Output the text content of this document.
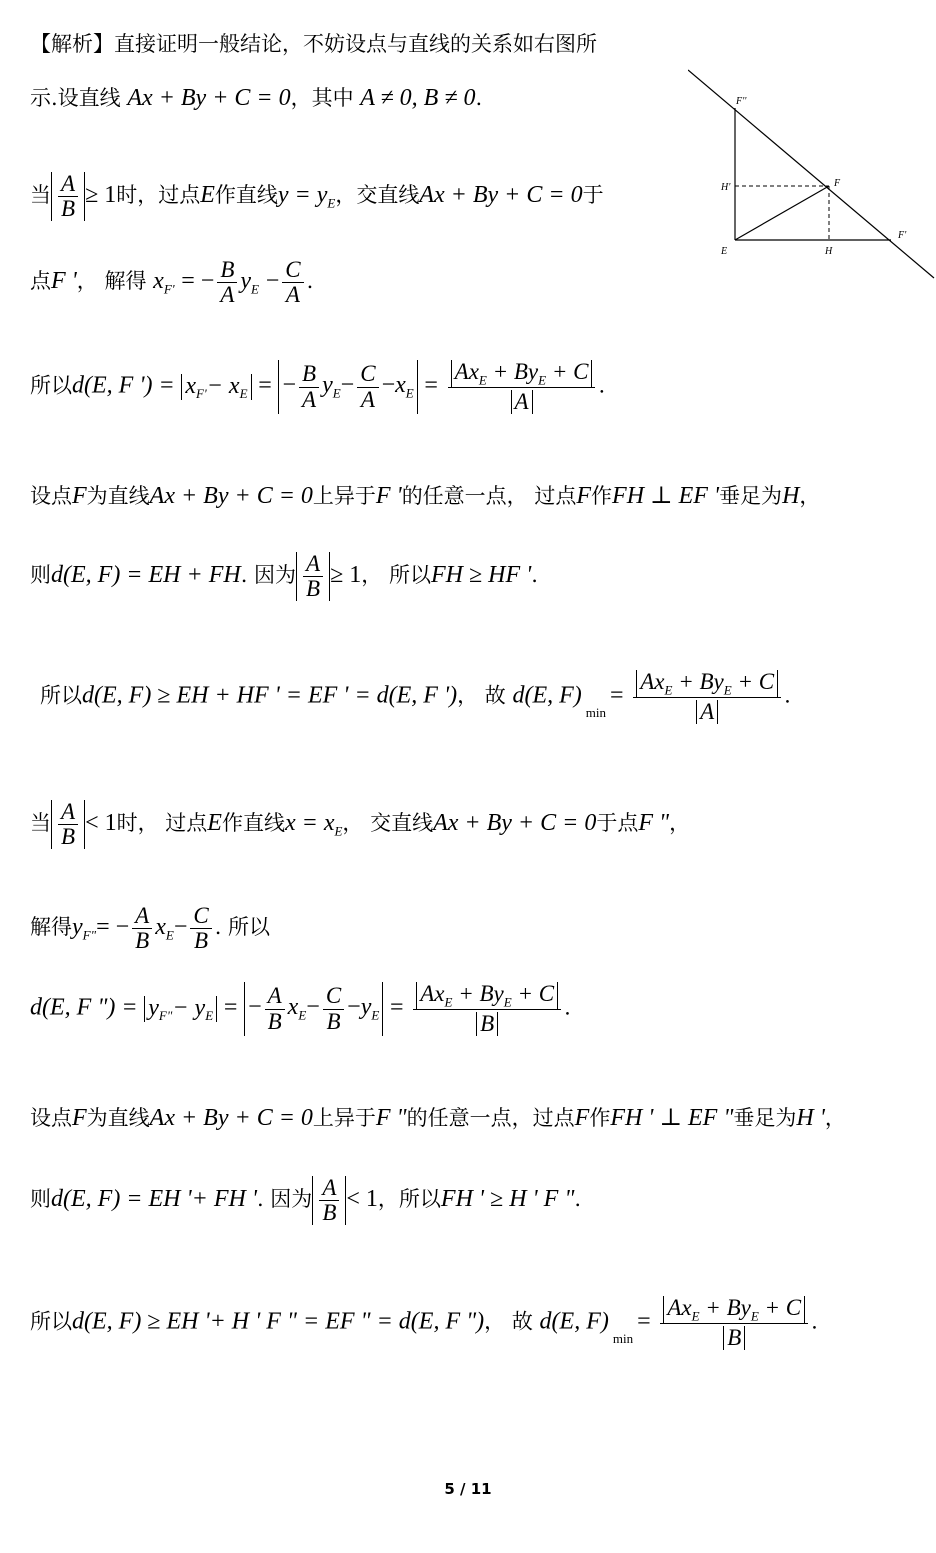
【解析】直接证明一般结论，不妨设点与直线的关系如右图所
示.设直线 Ax + By + C = 0，其中 A ≠ 0, B ≠ 0.
当 $\frac{A}{B} \ge 1$时，过点E作直线$y = y_E$，交直线Ax + By + C = 0于
点F '， 解得 $x_{F'}$ = − $\frac{B}{A} y_E - \frac{C}{A}$ .
所以d(E, F ') = $x_{F'}- x_E$ = − $\frac{B}{A} y_E- \frac{C}{A} -x_E = \frac{Ax_E + By_E + C}{A}$ .
设点F为直线Ax + By + C = 0上异于F '的任意一点， 过点F作FH ⊥ EF '垂足为H，
则d(E, F) = EH + FH. 因为 $\frac{A}{B} \ge 1$， 所以FH ≥ HF '.
所以d(E, F) ≥ EH + HF ' = EF ' = d(E, F ')， 故 d(E, $F)_{min}= \frac{Ax_E + By_E + C}{A}$ .
当 $\frac{A}{B} < 1$时， 过点E作直线$x = x_E$， 交直线Ax + By + C = 0于点F "，
解得$y_{F"}= - \frac{A}{B} x_E- \frac{C}{B}$ . 所以
d(E, F ") = $y_{F"}- y_E$ = − $\frac{A}{B} x_E- \frac{C}{B} -y_E = \frac{Ax_E + By_E + C}{B}$ .
设点F为直线Ax + By + C = 0上异于F "的任意一点，过点F作FH ' ⊥ EF "垂足为H '，
则d(E, F) = EH '+ FH '. 因为 $\frac{A}{B} < 1$，所以FH ' ≥ H ' F ".
所以d(E, F) ≥ EH '+ H ' F " = EF " = d(E, F ")， 故 d(E, $F)_{min}= \frac{Ax_E + By_E + C}{B}$ .
F''
H'	F
F'
E	H
5 / 11
